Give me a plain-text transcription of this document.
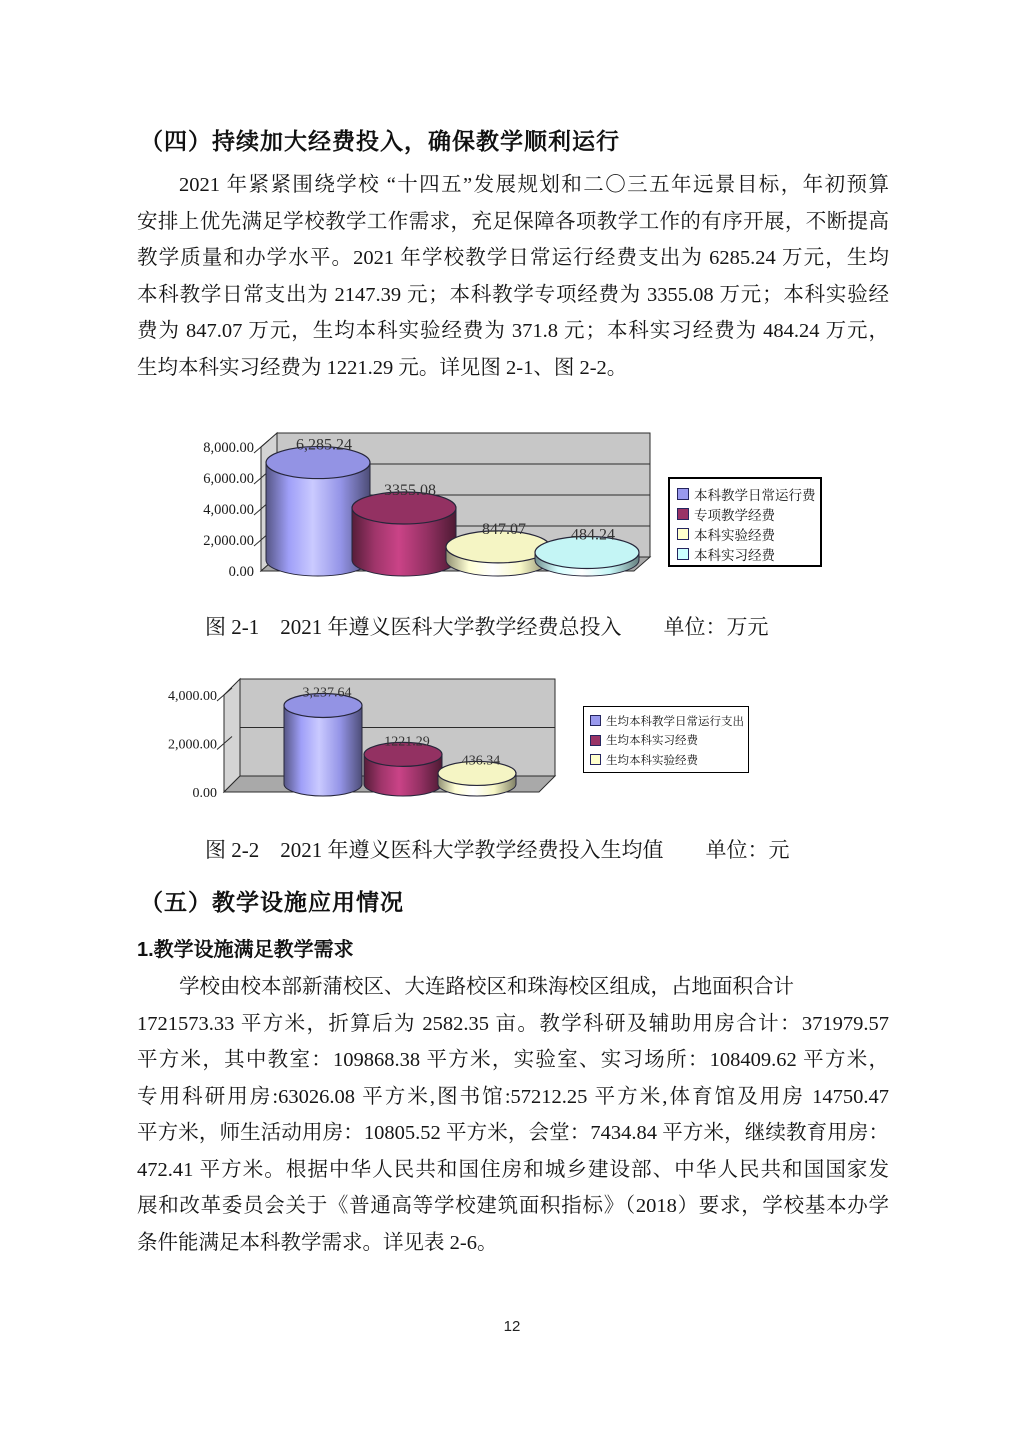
（四）持续加大经费投入，确保教学顺利运行
2021 年紧紧围绕学校 “十四五”发展规划和二〇三五年远景目标，年初预算
安排上优先满足学校教学工作需求，充足保障各项教学工作的有序开展，不断提高
教学质量和办学水平。2021 年学校教学日常运行经费支出为 6285.24 万元，生均
本科教学日常支出为 2147.39 元；本科教学专项经费为 3355.08 万元；本科实验经
费为 847.07 万元，生均本科实验经费为 371.8 元；本科实习经费为 484.24 万元，
生均本科实习经费为 1221.29 元。详见图 2-1、图 2-2。
0.00
2,000.00
4,000.00
6,000.00
8,000.00	6,285.24
3355.08
847.07	484.24
本科教学日常运行费
专项教学经费
本科实验经费
本科实习经费
图 2-1　2021 年遵义医科大学教学经费总投入　　单位：万元
0.00
2,000.00
4,000.00	3,237.64
1221.29
436.34
生均本科教学日常运行支出
生均本科实习经费
生均本科实验经费
图 2-2　2021 年遵义医科大学教学经费投入生均值　　单位：元
（五）教学设施应用情况
1.教学设施满足教学需求
学校由校本部新蒲校区、大连路校区和珠海校区组成，占地面积合计
1721573.33 平方米，折算后为 2582.35 亩。教学科研及辅助用房合计：371979.57
平方米，其中教室：109868.38 平方米，实验室、实习场所：108409.62 平方米，
专用科研用房:63026.08 平方米,图书馆:57212.25 平方米,体育馆及用房 14750.47
平方米，师生活动用房：10805.52 平方米，会堂：7434.84 平方米，继续教育用房：
472.41 平方米。根据中华人民共和国住房和城乡建设部、中华人民共和国国家发
展和改革委员会关于《普通高等学校建筑面积指标》（2018）要求，学校基本办学
条件能满足本科教学需求。详见表 2-6。
12
